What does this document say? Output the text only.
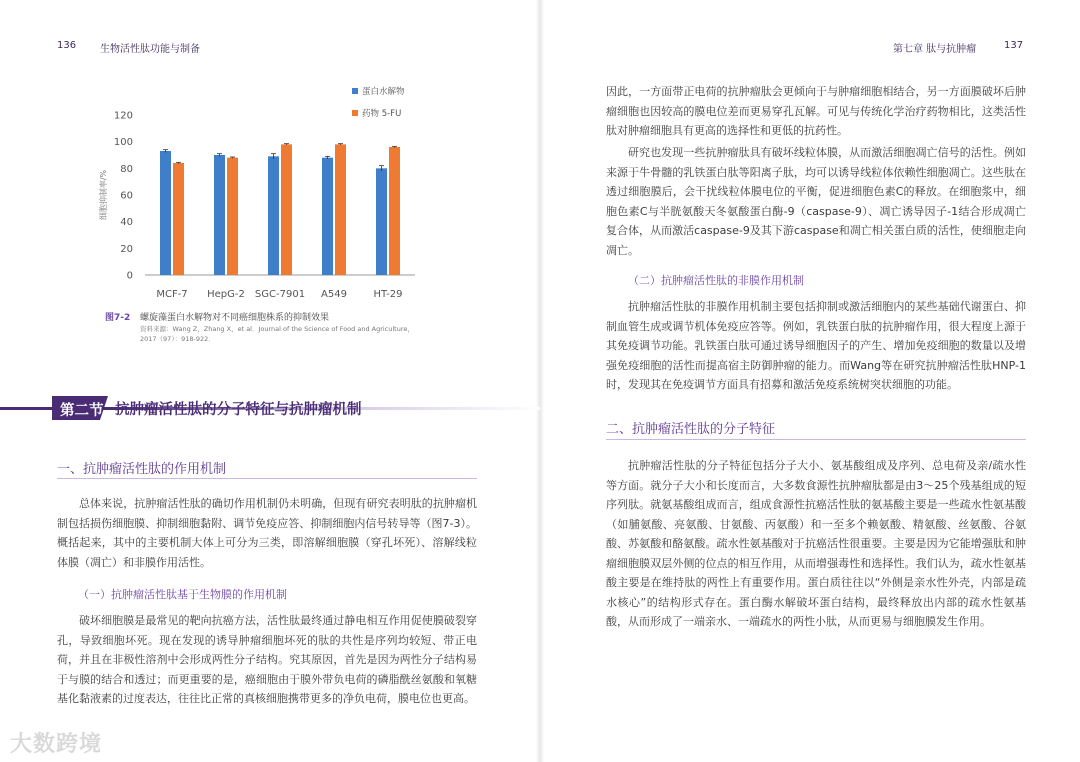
136 生物活性肽功能与制备	第七章 肽与抗肿瘤	137
0
20
40
60
80
100
120
细胞抑制率/%
MCF-7 HepG-2 SGC-7901 A549	HT-29
蛋白水解物
药物 5-FU
图7-2 螺旋藻蛋白水解物对不同癌细胞株系的抑制效果
资料来源：Wang Z，Zhang X，et al．Journal of the Science of Food and Agriculture，2017（97）：918-922．
第二节 抗肿瘤活性肽的分子特征与抗肿瘤机制
一、抗肿瘤活性肽的作用机制
总体来说，抗肿瘤活性肽的确切作用机制仍未明确，但现有研究表明肽的抗肿瘤机制包括损伤细胞膜、抑制细胞黏附、调节免疫应答、抑制细胞内信号转导等（图7-3）。概括起来，其中的主要机制大体上可分为三类，即溶解细胞膜（穿孔坏死）、溶解线粒体膜（凋亡）和非膜作用活性。
（一）抗肿瘤活性肽基于生物膜的作用机制
破坏细胞膜是最常见的靶向抗癌方法，活性肽最终通过静电相互作用促使膜破裂穿孔，导致细胞坏死。现在发现的诱导肿瘤细胞坏死的肽的共性是序列均较短、带正电荷，并且在非极性溶剂中会形成两性分子结构。究其原因，首先是因为两性分子结构易于与膜的结合和透过；而更重要的是，癌细胞由于膜外带负电荷的磷脂酰丝氨酸和氧糖基化黏液素的过度表达，往往比正常的真核细胞携带更多的净负电荷，膜电位也更高。
因此，一方面带正电荷的抗肿瘤肽会更倾向于与肿瘤细胞相结合，另一方面膜破坏后肿瘤细胞也因较高的膜电位差而更易穿孔瓦解。可见与传统化学治疗药物相比，这类活性肽对肿瘤细胞具有更高的选择性和更低的抗药性。
研究也发现一些抗肿瘤肽具有破坏线粒体膜，从而激活细胞凋亡信号的活性。例如来源于牛骨髓的乳铁蛋白肽等阳离子肽，均可以诱导线粒体依赖性细胞凋亡。这些肽在透过细胞膜后，会干扰线粒体膜电位的平衡，促进细胞色素C的释放。在细胞浆中，细胞色素C与半胱氨酸天冬氨酸蛋白酶-9（caspase-9）、凋亡诱导因子-1结合形成凋亡复合体，从而激活caspase-9及其下游caspase和凋亡相关蛋白质的活性，使细胞走向凋亡。
（二）抗肿瘤活性肽的非膜作用机制
抗肿瘤活性肽的非膜作用机制主要包括抑制或激活细胞内的某些基础代谢蛋白、抑制血管生成或调节机体免疫应答等。例如，乳铁蛋白肽的抗肿瘤作用，很大程度上源于其免疫调节功能。乳铁蛋白肽可通过诱导细胞因子的产生、增加免疫细胞的数量以及增强免疫细胞的活性而提高宿主防御肿瘤的能力。而Wang等在研究抗肿瘤活性肽HNP-1时，发现其在免疫调节方面具有招募和激活免疫系统树突状细胞的功能。
二、抗肿瘤活性肽的分子特征
抗肿瘤活性肽的分子特征包括分子大小、氨基酸组成及序列、总电荷及亲/疏水性等方面。就分子大小和长度而言，大多数食源性抗肿瘤肽都是由3～25个残基组成的短序列肽。就氨基酸组成而言，组成食源性抗癌活性肽的氨基酸主要是一些疏水性氨基酸（如脯氨酸、亮氨酸、甘氨酸、丙氨酸）和一至多个赖氨酸、精氨酸、丝氨酸、谷氨酸、苏氨酸和酪氨酸。疏水性氨基酸对于抗癌活性很重要。主要是因为它能增强肽和肿瘤细胞膜双层外侧的位点的相互作用，从而增强毒性和选择性。我们认为，疏水性氨基酸主要是在维持肽的两性上有重要作用。蛋白质往往以“外侧是亲水性外壳，内部是疏水核心”的结构形式存在。蛋白酶水解破坏蛋白结构，最终释放出内部的疏水性氨基酸，从而形成了一端亲水、一端疏水的两性小肽，从而更易与细胞膜发生作用。
大数跨境
